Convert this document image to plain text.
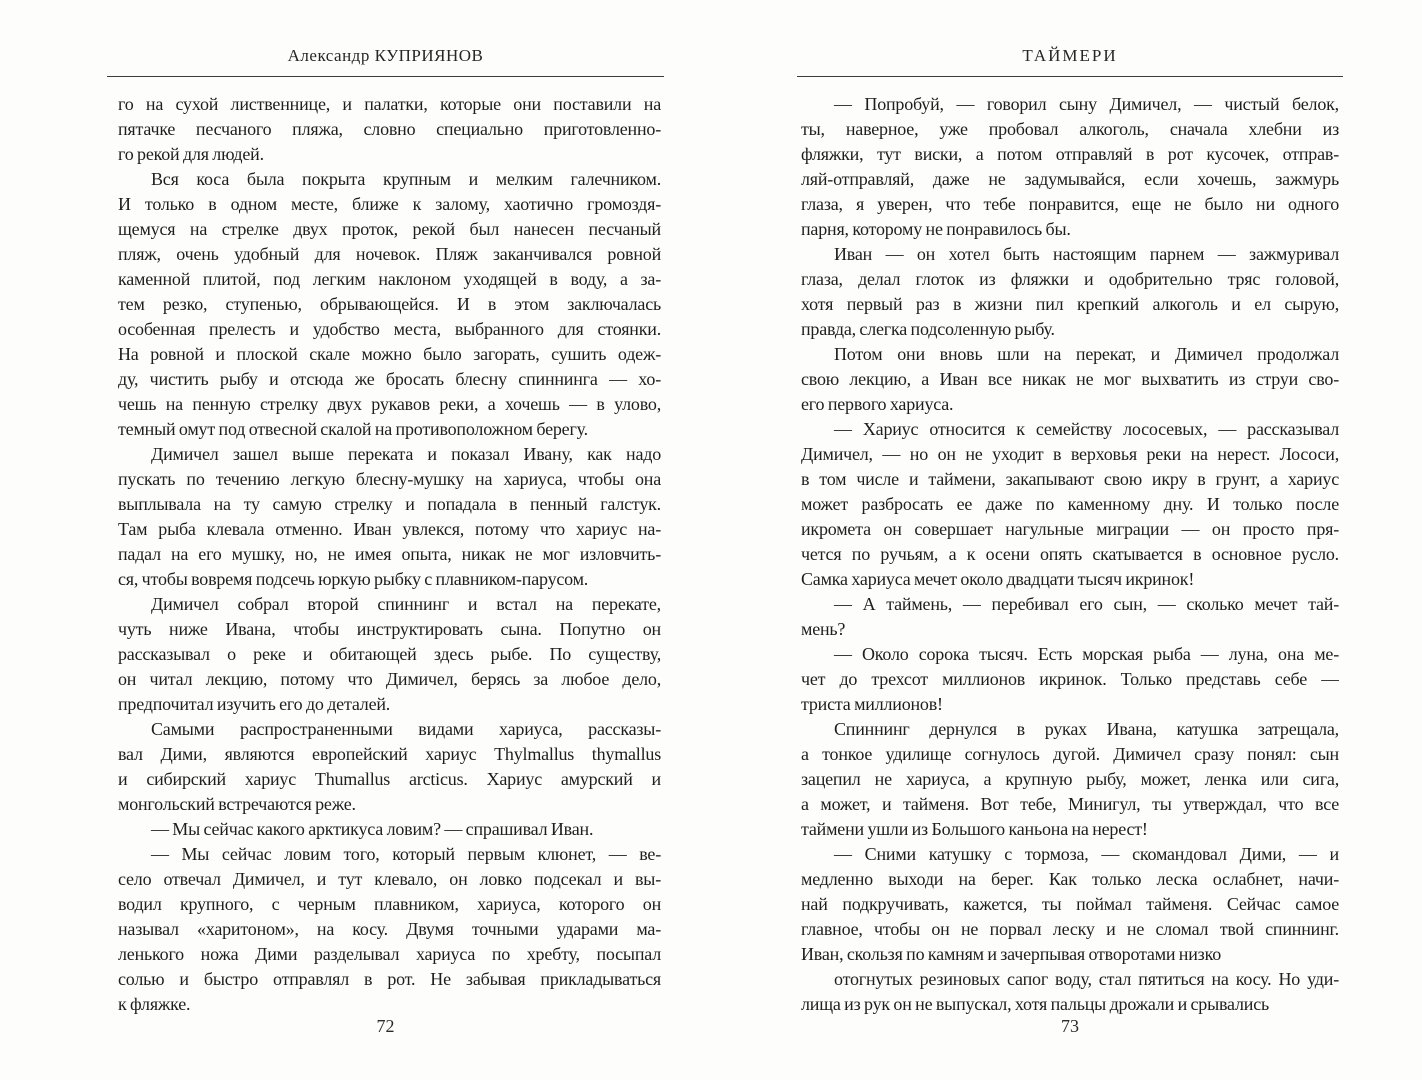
Александр КУПРИЯНОВ
го на сухой лиственнице, и палатки, которые они поставили на
пятачке песчаного пляжа, словно специально приготовленно-
го рекой для людей.
Вся коса была покрыта крупным и мелким галечником.
И только в одном месте, ближе к залому, хаотично громоздя-
щемуся на стрелке двух проток, рекой был нанесен песчаный
пляж, очень удобный для ночевок. Пляж заканчивался ровной
каменной плитой, под легким наклоном уходящей в воду, а за-
тем резко, ступенью, обрывающейся. И в этом заключалась
особенная прелесть и удобство места, выбранного для стоянки.
На ровной и плоской скале можно было загорать, сушить одеж-
ду, чистить рыбу и отсюда же бросать блесну спиннинга — хо-
чешь на пенную стрелку двух рукавов реки, а хочешь — в улово,
темный омут под отвесной скалой на противоположном берегу.
Димичел зашел выше переката и показал Ивану, как надо
пускать по течению легкую блесну-мушку на хариуса, чтобы она
выплывала на ту самую стрелку и попадала в пенный галстук.
Там рыба клевала отменно. Иван увлекся, потому что хариус на-
падал на его мушку, но, не имея опыта, никак не мог изловчить-
ся, чтобы вовремя подсечь юркую рыбку с плавником-парусом.
Димичел собрал второй спиннинг и встал на перекате,
чуть ниже Ивана, чтобы инструктировать сына. Попутно он
рассказывал о реке и обитающей здесь рыбе. По существу,
он читал лекцию, потому что Димичел, берясь за любое дело,
предпочитал изучить его до деталей.
Самыми распространенными видами хариуса, рассказы-
вал Дими, являются европейский хариус Thylmallus thymallus
и сибирский хариус Thumallus arcticus. Хариус амурский и
монгольский встречаются реже.
— Мы сейчас какого арктикуса ловим? — спрашивал Иван.
— Мы сейчас ловим того, который первым клюнет, — ве-
село отвечал Димичел, и тут клевало, он ловко подсекал и вы-
водил крупного, с черным плавником, хариуса, которого он
называл «харитоном», на косу. Двумя точными ударами ма-
ленького ножа Дими разделывал хариуса по хребту, посыпал
солью и быстро отправлял в рот. Не забывая прикладываться
к фляжке.
72
ТАЙМЕРИ
— Попробуй, — говорил сыну Димичел, — чистый белок,
ты, наверное, уже пробовал алкоголь, сначала хлебни из
фляжки, тут виски, а потом отправляй в рот кусочек, отправ-
ляй-отправляй, даже не задумывайся, если хочешь, зажмурь
глаза, я уверен, что тебе понравится, еще не было ни одного
парня, которому не понравилось бы.
Иван — он хотел быть настоящим парнем — зажмуривал
глаза, делал глоток из фляжки и одобрительно тряс головой,
хотя первый раз в жизни пил крепкий алкоголь и ел сырую,
правда, слегка подсоленную рыбу.
Потом они вновь шли на перекат, и Димичел продолжал
свою лекцию, а Иван все никак не мог выхватить из струи сво-
его первого хариуса.
— Хариус относится к семейству лососевых, — рассказывал
Димичел, — но он не уходит в верховья реки на нерест. Лососи,
в том числе и таймени, закапывают свою икру в грунт, а хариус
может разбросать ее даже по каменному дну. И только после
икромета он совершает нагульные миграции — он просто пря-
чется по ручьям, а к осени опять скатывается в основное русло.
Самка хариуса мечет около двадцати тысяч икринок!
— А таймень, — перебивал его сын, — сколько мечет тай-
мень?
— Около сорока тысяч. Есть морская рыба — луна, она ме-
чет до трехсот миллионов икринок. Только представь себе —
триста миллионов!
Спиннинг дернулся в руках Ивана, катушка затрещала,
а тонкое удилище согнулось дугой. Димичел сразу понял: сын
зацепил не хариуса, а крупную рыбу, может, ленка или сига,
а может, и тайменя. Вот тебе, Минигул, ты утверждал, что все
таймени ушли из Большого каньона на нерест!
— Сними катушку с тормоза, — скомандовал Дими, — и
медленно выходи на берег. Как только леска ослабнет, начи-
най подкручивать, кажется, ты поймал тайменя. Сейчас самое
главное, чтобы он не порвал леску и не сломал твой спиннинг.
Иван, скользя по камням и зачерпывая отворотами низко
отогнутых резиновых сапог воду, стал пятиться на косу. Но уди-
лища из рук он не выпускал, хотя пальцы дрожали и срывались
73
